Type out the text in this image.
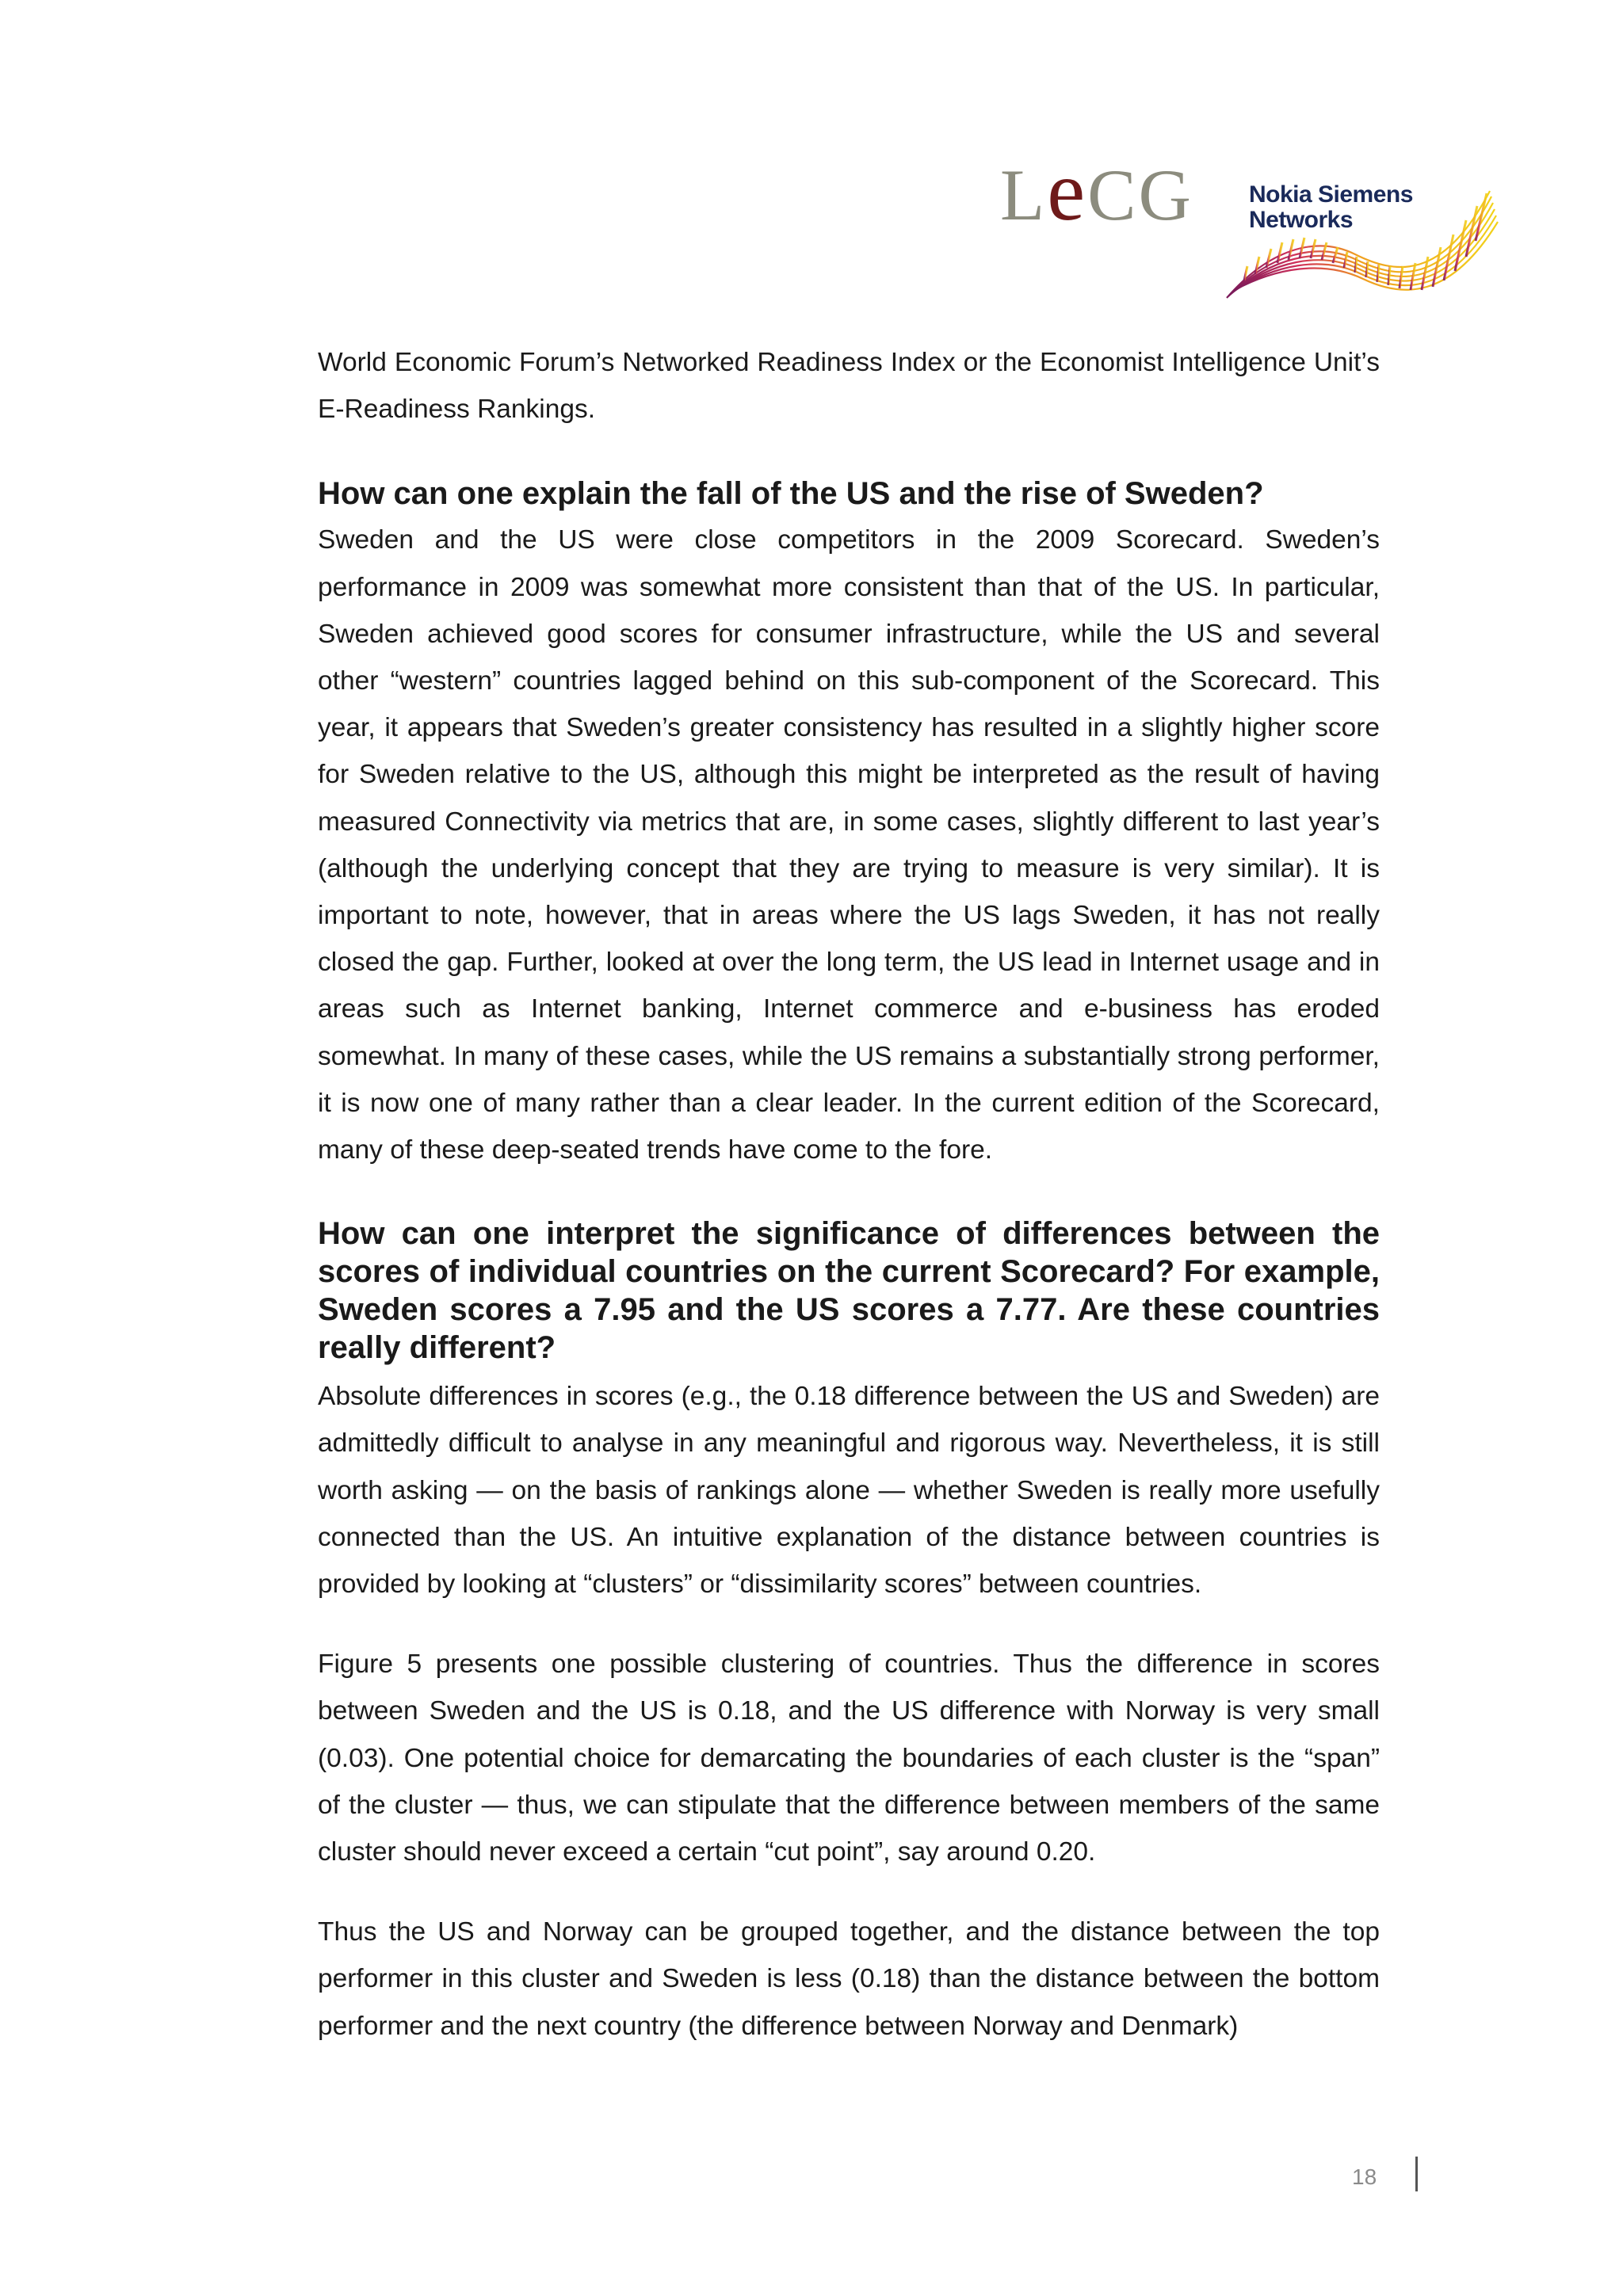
LeCG Nokia Siemens
Networks

World Economic Forum’s Networked Readiness Index or the Economist Intelligence Unit’s E-Readiness Rankings.

How can one explain the fall of the US and the rise of Sweden?

Sweden and the US were close competitors in the 2009 Scorecard. Sweden’s performance in 2009 was somewhat more consistent than that of the US. In particular, Sweden achieved good scores for consumer infrastructure, while the US and several other “western” countries lagged behind on this sub-component of the Scorecard. This year, it appears that Sweden’s greater consistency has resulted in a slightly higher score for Sweden relative to the US, although this might be interpreted as the result of having measured Connectivity via metrics that are, in some cases, slightly different to last year’s (although the underlying concept that they are trying to measure is very similar). It is important to note, however, that in areas where the US lags Sweden, it has not really closed the gap. Further, looked at over the long term, the US lead in Internet usage and in areas such as Internet banking, Internet commerce and e-business has eroded somewhat. In many of these cases, while the US remains a substantially strong performer, it is now one of many rather than a clear leader. In the current edition of the Scorecard, many of these deep-seated trends have come to the fore.

How can one interpret the significance of differences between the scores of individual countries on the current Scorecard? For example, Sweden scores a 7.95 and the US scores a 7.77. Are these countries really different?

Absolute differences in scores (e.g., the 0.18 difference between the US and Sweden) are admittedly difficult to analyse in any meaningful and rigorous way. Nevertheless, it is still worth asking — on the basis of rankings alone — whether Sweden is really more usefully connected than the US. An intuitive explanation of the distance between countries is provided by looking at “clusters” or “dissimilarity scores” between countries.

Figure 5 presents one possible clustering of countries. Thus the difference in scores between Sweden and the US is 0.18, and the US difference with Norway is very small (0.03). One potential choice for demarcating the boundaries of each cluster is the “span” of the cluster — thus, we can stipulate that the difference between members of the same cluster should never exceed a certain “cut point”, say around 0.20.

Thus the US and Norway can be grouped together, and the distance between the top performer in this cluster and Sweden is less (0.18) than the distance between the bottom performer and the next country (the difference between Norway and Denmark)

18
